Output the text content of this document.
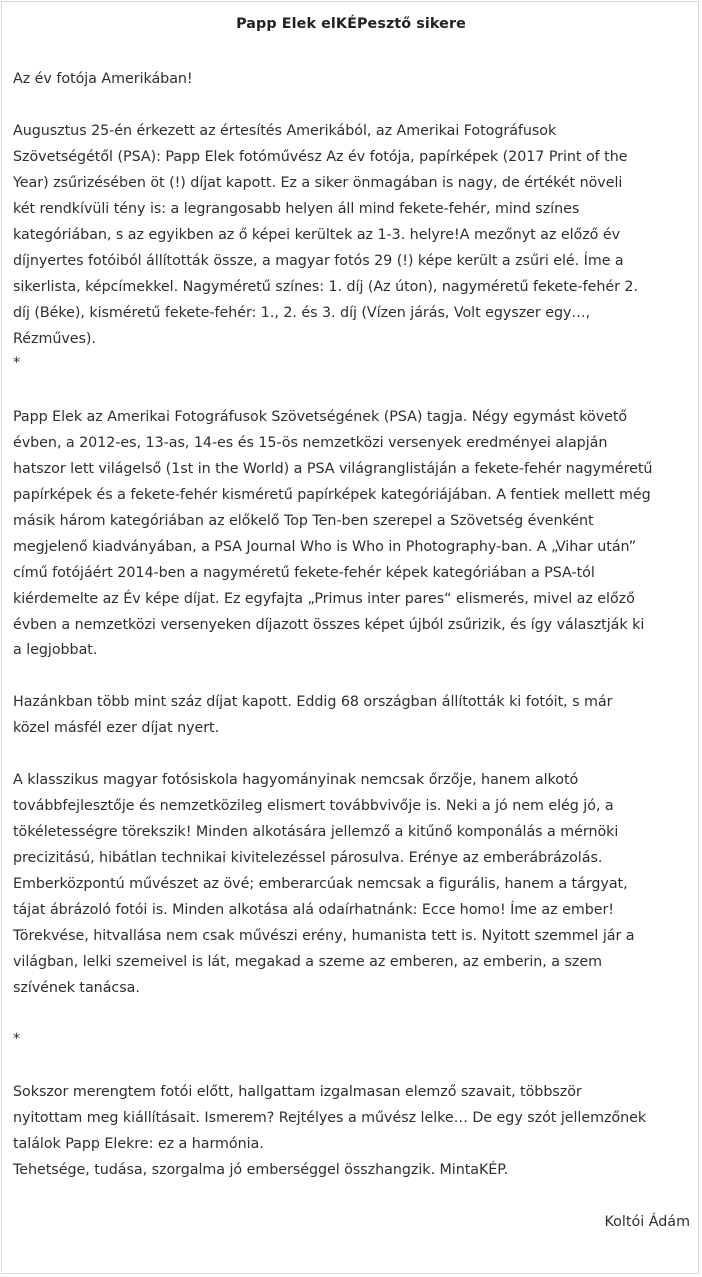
Papp Elek elKÉPesztő sikere
Az év fotója Amerikában!
Augusztus 25-én érkezett az értesítés Amerikából, az Amerikai Fotográfusok
Szövetségétől (PSA): Papp Elek fotóművész Az év fotója, papírképek (2017 Print of the
Year) zsűrizésében öt (!) díjat kapott. Ez a siker önmagában is nagy, de értékét növeli
két rendkívüli tény is: a legrangosabb helyen áll mind fekete-fehér, mind színes
kategóriában, s az egyikben az ő képei kerültek az 1-3. helyre!A mezőnyt az előző év
díjnyertes fotóiból állították össze, a magyar fotós 29 (!) képe került a zsűri elé. Íme a
sikerlista, képcímekkel. Nagyméretű színes: 1. díj (Az úton), nagyméretű fekete-fehér 2.
díj (Béke), kisméretű fekete-fehér: 1., 2. és 3. díj (Vízen járás, Volt egyszer egy…,
Rézműves).
*
Papp Elek az Amerikai Fotográfusok Szövetségének (PSA) tagja. Négy egymást követő
évben, a 2012-es, 13-as, 14-es és 15-ös nemzetközi versenyek eredményei alapján
hatszor lett világelső (1st in the World) a PSA világranglistáján a fekete-fehér nagyméretű
papírképek és a fekete-fehér kisméretű papírképek kategóriájában. A fentiek mellett még
másik három kategóriában az előkelő Top Ten-ben szerepel a Szövetség évenként
megjelenő kiadványában, a PSA Journal Who is Who in Photography-ban. A „Vihar után”
című fotójáért 2014-ben a nagyméretű fekete-fehér képek kategóriában a PSA-tól
kiérdemelte az Év képe díjat. Ez egyfajta „Primus inter pares“ elismerés, mivel az előző
évben a nemzetközi versenyeken díjazott összes képet újból zsűrizik, és így választják ki
a legjobbat.
Hazánkban több mint száz díjat kapott. Eddig 68 országban állították ki fotóit, s már
közel másfél ezer díjat nyert.
A klasszikus magyar fotósiskola hagyományinak nemcsak őrzője, hanem alkotó
továbbfejlesztője és nemzetközileg elismert továbbvivője is. Neki a jó nem elég jó, a
tökéletességre törekszik! Minden alkotására jellemző a kitűnő komponálás a mérnöki
precizitású, hibátlan technikai kivitelezéssel párosulva. Erénye az emberábrázolás.
Emberközpontú művészet az övé; emberarcúak nemcsak a figurális, hanem a tárgyat,
tájat ábrázoló fotói is. Minden alkotása alá odaírhatnánk: Ecce homo! Íme az ember!
Törekvése, hitvallása nem csak művészi erény, humanista tett is. Nyitott szemmel jár a
világban, lelki szemeivel is lát, megakad a szeme az emberen, az emberin, a szem
szívének tanácsa.
*
Sokszor merengtem fotói előtt, hallgattam izgalmasan elemző szavait, többször
nyitottam meg kiállításait. Ismerem? Rejtélyes a művész lelke… De egy szót jellemzőnek
találok Papp Elekre: ez a harmónia.
Tehetsége, tudása, szorgalma jó emberséggel összhangzik. MintaKÉP.
Koltói Ádám
